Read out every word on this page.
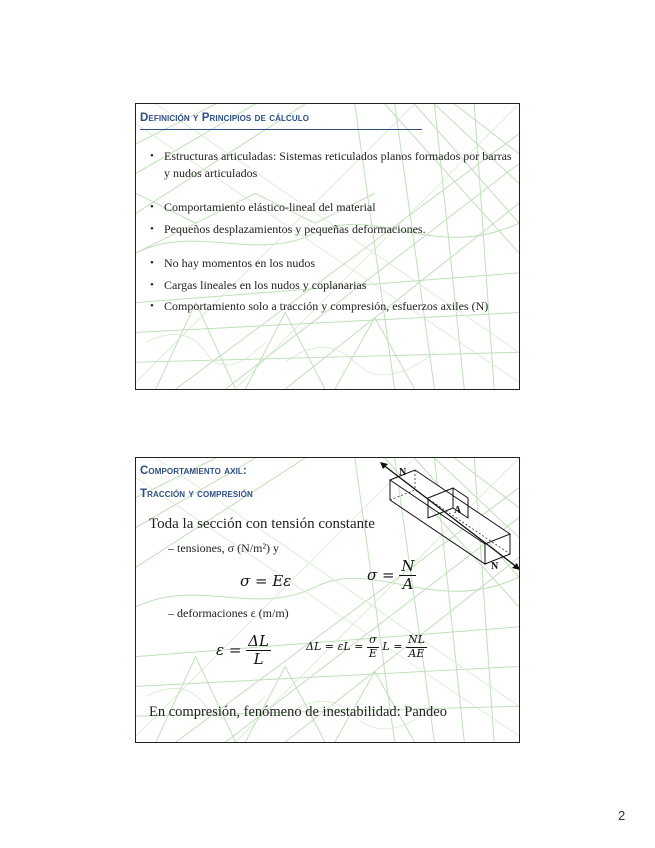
Definición y Principios de cálculo
• Estructuras articuladas: Sistemas reticulados planos formados por barras y nudos articulados
• Comportamiento elástico-lineal del material
• Pequeños desplazamientos y pequeñas deformaciones.
• No hay momentos en los nudos
• Cargas lineales en los nudos y coplanarias
• Comportamiento solo a tracción y compresión, esfuerzos axiles (N)
Comportamiento axil:
Tracción y compresión
N
A
N
Toda la sección con tensión constante
– tensiones, σ (N/m²) y
σ = Eε	$\sigma = \frac{N}{A}$
– deformaciones ε (m/m)
$\varepsilon = \frac{\Delta L}{L}$	$\Delta L = \varepsilon L = \frac{\sigma}{E}$ $L = \frac{NL}{AE}$
En compresión, fenómeno de inestabilidad: Pandeo
2
